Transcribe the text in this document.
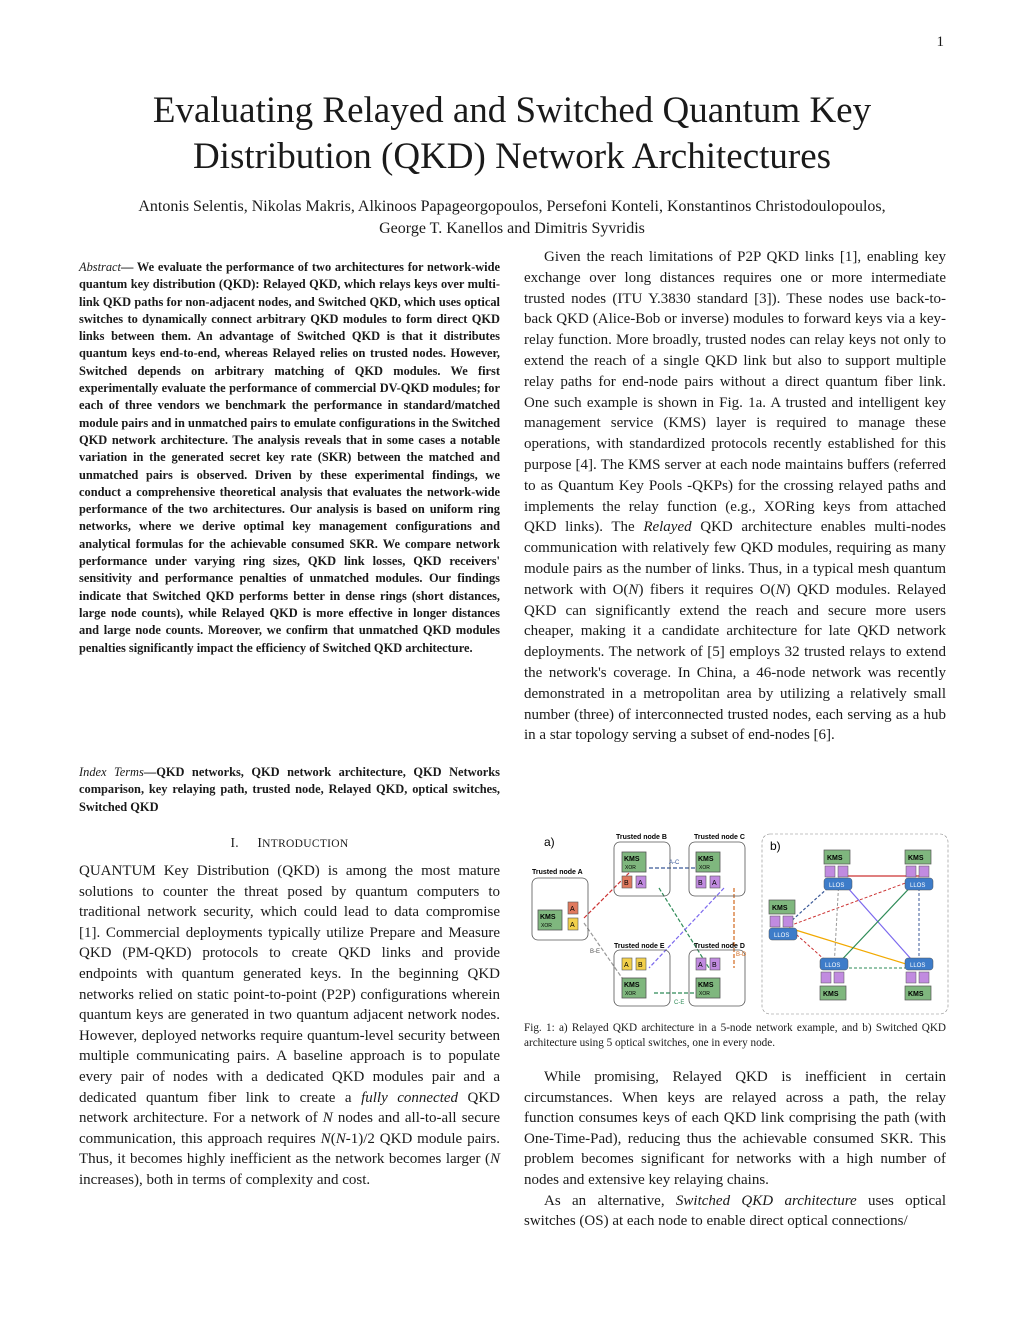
1
Evaluating Relayed and Switched Quantum Key Distribution (QKD) Network Architectures
Antonis Selentis, Nikolas Makris, Alkinoos Papageorgopoulos, Persefoni Konteli, Konstantinos Christodoulopoulos,
George T. Kanellos and Dimitris Syvridis
Abstract— We evaluate the performance of two architectures for network-wide quantum key distribution (QKD): Relayed QKD, which relays keys over multi-link QKD paths for non-adjacent nodes, and Switched QKD, which uses optical switches to dynamically connect arbitrary QKD modules to form direct QKD links between them. An advantage of Switched QKD is that it distributes quantum keys end-to-end, whereas Relayed relies on trusted nodes. However, Switched depends on arbitrary matching of QKD modules. We first experimentally evaluate the performance of commercial DV-QKD modules; for each of three vendors we benchmark the performance in standard/matched module pairs and in unmatched pairs to emulate configurations in the Switched QKD network architecture. The analysis reveals that in some cases a notable variation in the generated secret key rate (SKR) between the matched and unmatched pairs is observed. Driven by these experimental findings, we conduct a comprehensive theoretical analysis that evaluates the network-wide performance of the two architectures. Our analysis is based on uniform ring networks, where we derive optimal key management configurations and analytical formulas for the achievable consumed SKR. We compare network performance under varying ring sizes, QKD link losses, QKD receivers' sensitivity and performance penalties of unmatched modules. Our findings indicate that Switched QKD performs better in dense rings (short distances, large node counts), while Relayed QKD is more effective in longer distances and large node counts. Moreover, we confirm that unmatched QKD modules penalties significantly impact the efficiency of Switched QKD architecture.
Index Terms—QKD networks, QKD network architecture, QKD Networks comparison, key relaying path, trusted node, Relayed QKD, optical switches, Switched QKD
I. INTRODUCTION
QUANTUM Key Distribution (QKD) is among the most mature solutions to counter the threat posed by quantum computers to traditional network security, which could lead to data compromise [1]. Commercial deployments typically utilize Prepare and Measure QKD (PM-QKD) protocols to create QKD links and provide endpoints with quantum generated keys. In the beginning QKD networks relied on static point-to-point (P2P) configurations wherein quantum keys are generated in two quantum adjacent network nodes. However, deployed networks require quantum-level security between multiple communicating pairs. A baseline approach is to populate every pair of nodes with a dedicated QKD modules pair and a dedicated quantum fiber link to create a fully connected QKD network architecture. For a network of N nodes and all-to-all secure communication, this approach requires N(N-1)/2 QKD module pairs. Thus, it becomes highly inefficient as the network becomes larger (N increases), both in terms of complexity and cost.
Given the reach limitations of P2P QKD links [1], enabling key exchange over long distances requires one or more intermediate trusted nodes (ITU Y.3830 standard [3]). These nodes use back-to-back QKD (Alice-Bob or inverse) modules to forward keys via a key-relay function. More broadly, trusted nodes can relay keys not only to extend the reach of a single QKD link but also to support multiple relay paths for end-node pairs without a direct quantum fiber link. One such example is shown in Fig. 1a. A trusted and intelligent key management service (KMS) layer is required to manage these operations, with standardized protocols recently established for this purpose [4]. The KMS server at each node maintains buffers (referred to as Quantum Key Pools -QKPs) for the crossing relayed paths and implements the relay function (e.g., XORing keys from attached QKD links). The Relayed QKD architecture enables multi-nodes communication with relatively few QKD modules, requiring as many module pairs as the number of links. Thus, in a typical mesh quantum network with O(N) fibers it requires O(N) QKD modules. Relayed QKD can significantly extend the reach and secure more users cheaper, making it a candidate architecture for late QKD network deployments. The network of [5] employs 32 trusted relays to extend the network's coverage. In China, a 46-node network was recently demonstrated in a metropolitan area by utilizing a relatively small number (three) of interconnected trusted nodes, each serving as a hub in a star topology serving a subset of end-nodes [6].
a)
Trusted node A
KMS
XOR
A
A
Trusted node B
KMS
XOR
B A
Trusted node C
KMS
XOR
B A
Trusted node E
A B
KMS
XOR
Trusted node D
A B
KMS
XOR
A-C
B-E	B-D
C-E
b)
KMS
LLOS
KMS
LLOS
KMS
LLOS
LLOS
KMS
LLOS
KMS
Fig. 1: a) Relayed QKD architecture in a 5-node network example, and b) Switched QKD architecture using 5 optical switches, one in every node.

While promising, Relayed QKD is inefficient in certain circumstances. When keys are relayed across a path, the relay function consumes keys of each QKD link comprising the path (with One-Time-Pad), reducing thus the achievable consumed SKR. This problem becomes significant for networks with a high number of nodes and extensive key relaying chains.

As an alternative, Switched QKD architecture uses optical switches (OS) at each node to enable direct optical connections/
